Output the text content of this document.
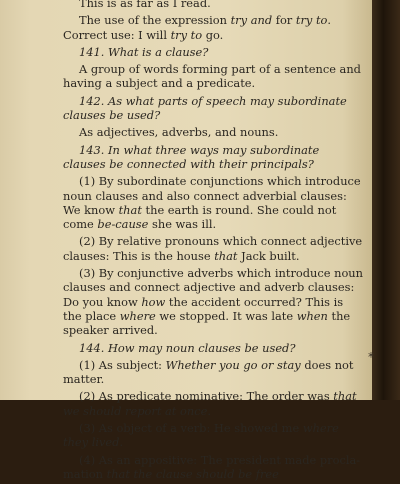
This is as far as I read.

The use of the expression try and for try to. Correct use: I will try to go.

141. What is a clause?

A group of words forming part of a sentence and having a subject and a predicate.

142. As what parts of speech may subordinate clauses be used?

As adjectives, adverbs, and nouns.

143. In what three ways may subordinate clauses be connected with their principals?

(1) By subordinate conjunctions which introduce noun clauses and also connect adverbial clauses: We know that the earth is round. She could not come be-cause she was ill.

(2) By relative pronouns which connect adjective clauses: This is the house that Jack built.

(3) By conjunctive adverbs which introduce noun clauses and connect adjective and adverb clauses: Do you know how the accident occurred? This is the place where we stopped. It was late when the speaker arrived.

144. How may noun clauses be used?

(1) As subject: Whether you go or stay does not matter.

(2) As predicate nominative: The order was that we should report at once.

(3) As object of a verb: He showed me where they lived.

(4) As an appositive: The president made procla-mation that the clause should be free

*
